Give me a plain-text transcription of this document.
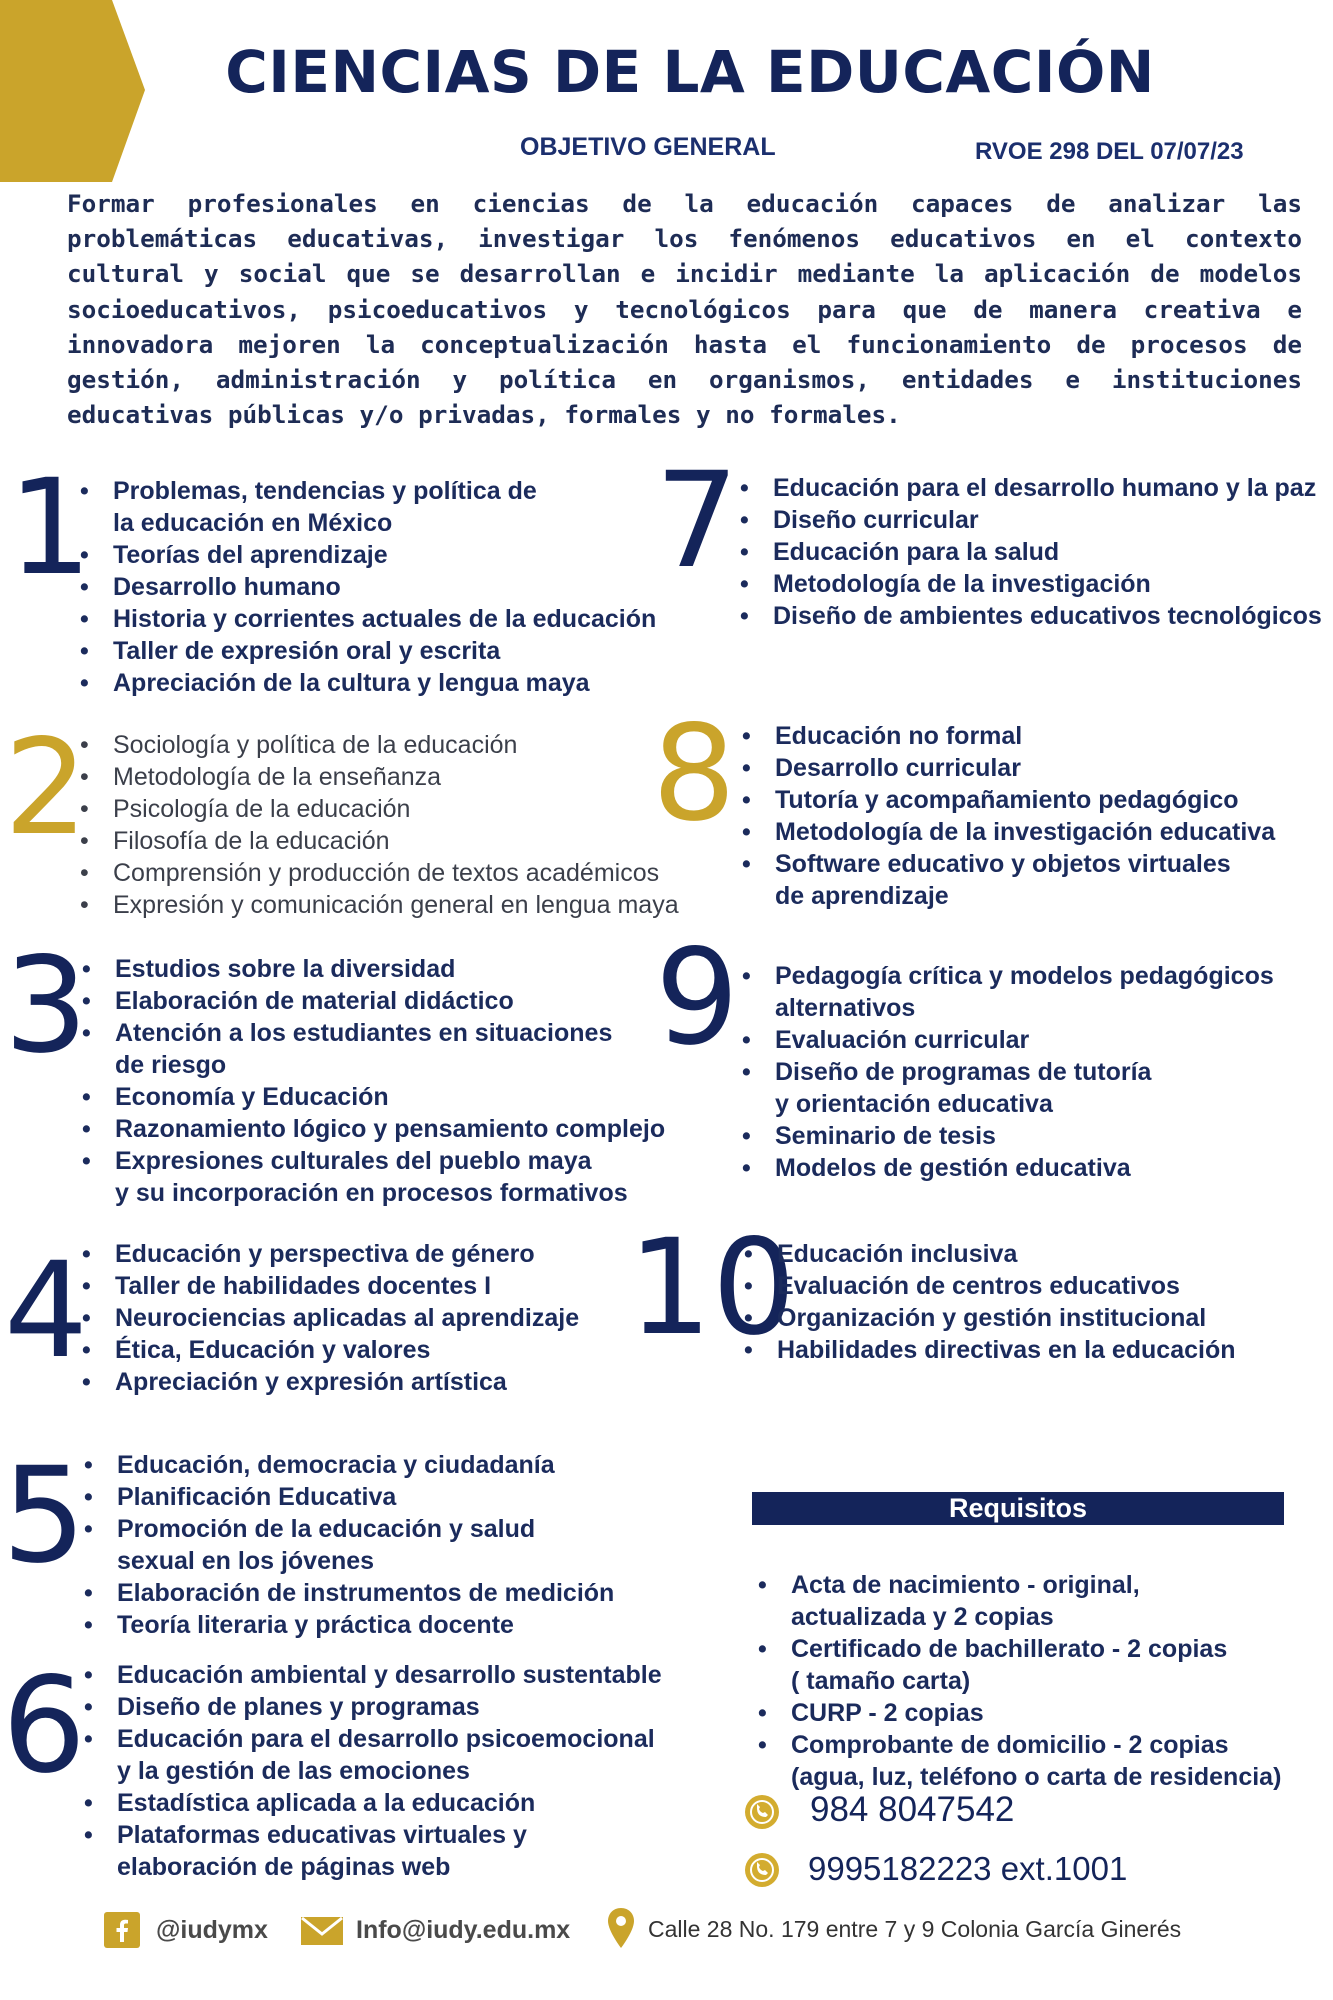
CIENCIAS DE LA EDUCACIÓN
OBJETIVO GENERAL	RVOE 298 DEL 07/07/23

Formar profesionales en ciencias de la educación capaces de analizar las problemáticas educativas, investigar los fenómenos educativos en el contexto cultural y social que se desarrollan e incidir mediante la aplicación de modelos socioeducativos, psicoeducativos y tecnológicos para que de manera creativa e innovadora mejoren la conceptualización hasta el funcionamiento de procesos de gestión, administración y política en organismos, entidades e instituciones educativas públicas y/o privadas, formales y no formales.

1
2
3
4
5
6
7
8
9
10
• Problemas, tendencias y política de
la educación en México
• Teorías del aprendizaje
• Desarrollo humano
• Historia y corrientes actuales de la educación
• Taller de expresión oral y escrita
• Apreciación de la cultura y lengua maya
• Sociología y política de la educación
• Metodología de la enseñanza
• Psicología de la educación
• Filosofía de la educación
• Comprensión y producción de textos académicos
• Expresión y comunicación general en lengua maya
• Estudios sobre la diversidad
• Elaboración de material didáctico
• Atención a los estudiantes en situaciones
de riesgo
• Economía y Educación
• Razonamiento lógico y pensamiento complejo
• Expresiones culturales del pueblo maya
y su incorporación en procesos formativos
• Educación y perspectiva de género
• Taller de habilidades docentes I
• Neurociencias aplicadas al aprendizaje
• Ética, Educación y valores
• Apreciación y expresión artística
• Educación, democracia y ciudadanía
• Planificación Educativa
• Promoción de la educación y salud
sexual en los jóvenes
• Elaboración de instrumentos de medición
• Teoría literaria y práctica docente
• Educación ambiental y desarrollo sustentable
• Diseño de planes y programas
• Educación para el desarrollo psicoemocional
y la gestión de las emociones
• Estadística aplicada a la educación
• Plataformas educativas virtuales y
elaboración de páginas web
• Educación para el desarrollo humano y la paz
• Diseño curricular
• Educación para la salud
• Metodología de la investigación
• Diseño de ambientes educativos tecnológicos
• Educación no formal
• Desarrollo curricular
• Tutoría y acompañamiento pedagógico
• Metodología de la investigación educativa
• Software educativo y objetos virtuales
de aprendizaje
• Pedagogía crítica y modelos pedagógicos
alternativos
• Evaluación curricular
• Diseño de programas de tutoría
y orientación educativa
• Seminario de tesis
• Modelos de gestión educativa
• Educación inclusiva
• Evaluación de centros educativos
• Organización y gestión institucional
• Habilidades directivas en la educación
Requisitos
• Acta de nacimiento - original,
actualizada y 2 copias
• Certificado de bachillerato - 2 copias
( tamaño carta)
• CURP - 2 copias
• Comprobante de domicilio - 2 copias
(agua, luz, teléfono o carta de residencia)
984 8047542
9995182223 ext.1001
@iudymx	Info@iudy.edu.mx	Calle 28 No. 179 entre 7 y 9 Colonia García Ginerés
